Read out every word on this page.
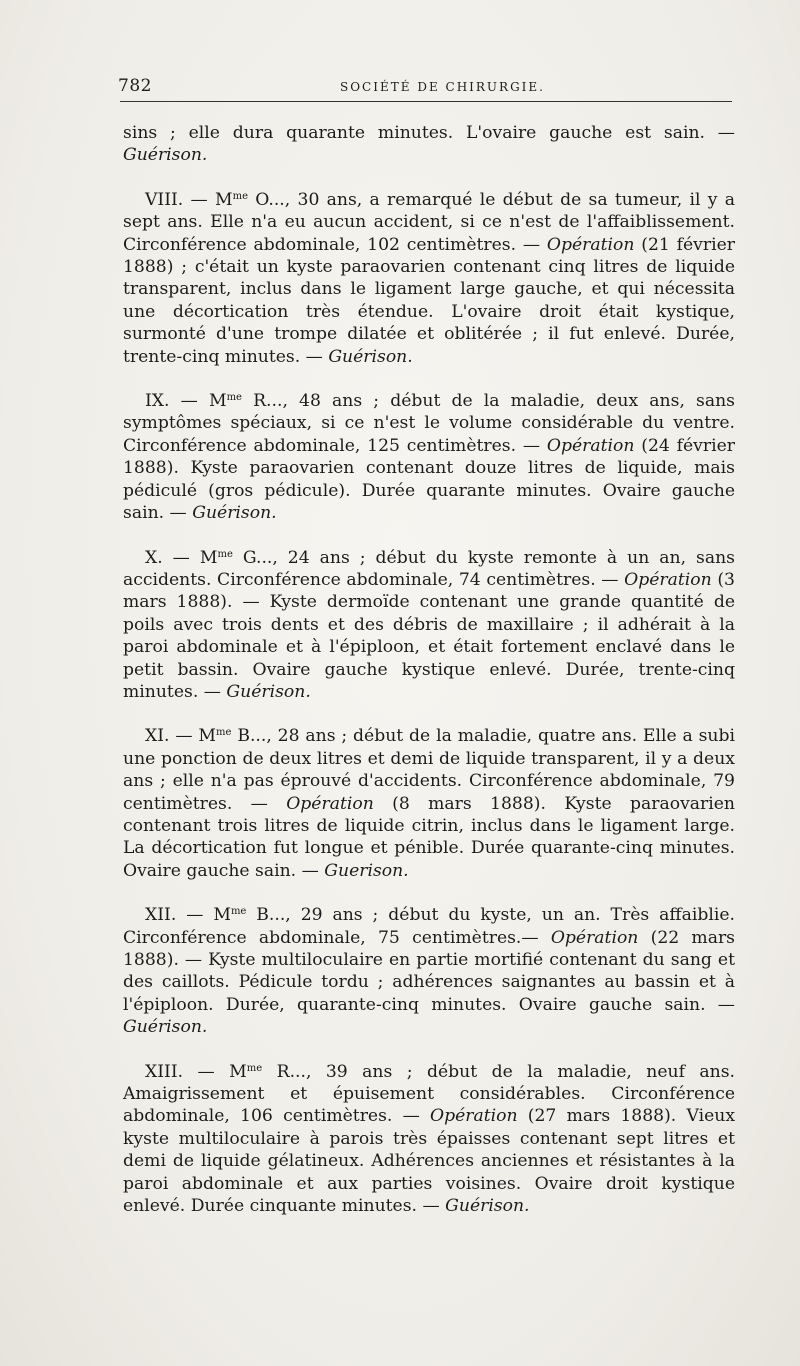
782	SOCIÉTÉ DE CHIRURGIE.

sins ; elle dura quarante minutes. L'ovaire gauche est sain. — Guérison.

VIII. — $M^{me}$ O..., 30 ans, a remarqué le début de sa tumeur, il y a sept ans. Elle n'a eu aucun accident, si ce n'est de l'affaiblissement. Circonférence abdominale, 102 centimètres. — Opération (21 février 1888) ; c'était un kyste paraovarien contenant cinq litres de liquide transparent, inclus dans le ligament large gauche, et qui nécessita une décortication très étendue. L'ovaire droit était kystique, surmonté d'une trompe dilatée et oblitérée ; il fut enlevé. Durée, trente-cinq minutes. — Guérison.

IX. — $M^{me}$ R..., 48 ans ; début de la maladie, deux ans, sans symptômes spéciaux, si ce n'est le volume considérable du ventre. Circonférence abdominale, 125 centimètres. — Opération (24 février 1888). Kyste paraovarien contenant douze litres de liquide, mais pédiculé (gros pédicule). Durée quarante minutes. Ovaire gauche sain. — Guérison.

X. — $M^{me}$ G..., 24 ans ; début du kyste remonte à un an, sans accidents. Circonférence abdominale, 74 centimètres. — Opération (3 mars 1888). — Kyste dermoïde contenant une grande quantité de poils avec trois dents et des débris de maxillaire ; il adhérait à la paroi abdominale et à l'épiploon, et était fortement enclavé dans le petit bassin. Ovaire gauche kystique enlevé. Durée, trente-cinq minutes. — Guérison.

XI. — $M^{me}$ B..., 28 ans ; début de la maladie, quatre ans. Elle a subi une ponction de deux litres et demi de liquide transparent, il y a deux ans ; elle n'a pas éprouvé d'accidents. Circonférence abdominale, 79 centimètres. — Opération (8 mars 1888). Kyste paraovarien contenant trois litres de liquide citrin, inclus dans le ligament large. La décortication fut longue et pénible. Durée quarante-cinq minutes. Ovaire gauche sain. — Guerison.

XII. — $M^{me}$ B..., 29 ans ; début du kyste, un an. Très affaiblie. Circonférence abdominale, 75 centimètres.— Opération (22 mars 1888). — Kyste multiloculaire en partie mortifié contenant du sang et des caillots. Pédicule tordu ; adhérences saignantes au bassin et à l'épiploon. Durée, quarante-cinq minutes. Ovaire gauche sain. — Guérison.

XIII. — $M^{me}$ R..., 39 ans ; début de la maladie, neuf ans. Amaigrissement et épuisement considérables. Circonférence abdominale, 106 centimètres. — Opération (27 mars 1888). Vieux kyste multiloculaire à parois très épaisses contenant sept litres et demi de liquide gélatineux. Adhérences anciennes et résistantes à la paroi abdominale et aux parties voisines. Ovaire droit kystique enlevé. Durée cinquante minutes. — Guérison.
